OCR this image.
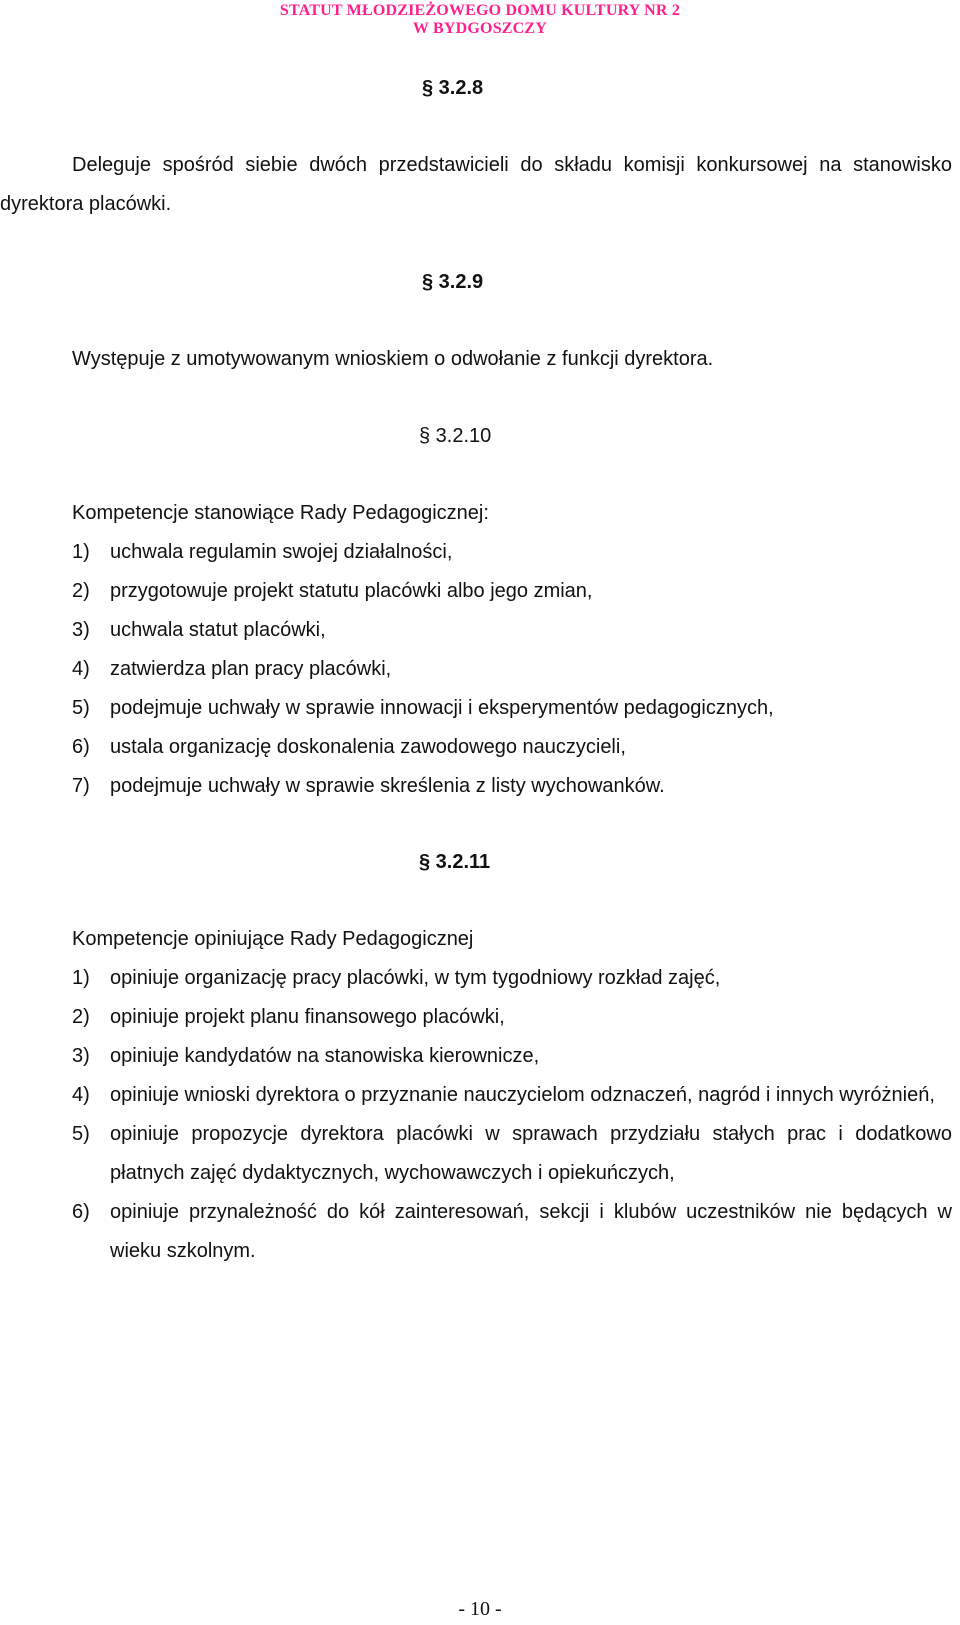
STATUT MŁODZIEŻOWEGO DOMU KULTURY NR 2
W BYDGOSZCZY
§ 3.2.8

Deleguje spośród siebie dwóch przedstawicieli do składu komisji konkursowej na stanowisko dyrektora placówki.

§ 3.2.9

Występuje z umotywowanym wnioskiem o odwołanie z funkcji dyrektora.

§ 3.2.10

Kompetencje stanowiące Rady Pedagogicznej:

1) uchwala regulamin swojej działalności,
2) przygotowuje projekt statutu placówki albo jego zmian,
3) uchwala statut placówki,
4) zatwierdza plan pracy placówki,
5) podejmuje uchwały w sprawie innowacji i eksperymentów pedagogicznych,
6) ustala organizację doskonalenia zawodowego nauczycieli,
7) podejmuje uchwały w sprawie skreślenia z listy wychowanków.
§ 3.2.11

Kompetencje opiniujące Rady Pedagogicznej

1) opiniuje organizację pracy placówki, w tym tygodniowy rozkład zajęć,
2) opiniuje projekt planu finansowego placówki,
3) opiniuje kandydatów na stanowiska kierownicze,
4) opiniuje wnioski dyrektora o przyznanie nauczycielom odznaczeń, nagród i innych wyróżnień,
5) opiniuje propozycje dyrektora placówki w sprawach przydziału stałych prac i dodatkowo płatnych zajęć dydaktycznych, wychowawczych i opiekuńczych,
6) opiniuje przynależność do kół zainteresowań, sekcji i klubów uczestników nie będących w wieku szkolnym.
- 10 -
